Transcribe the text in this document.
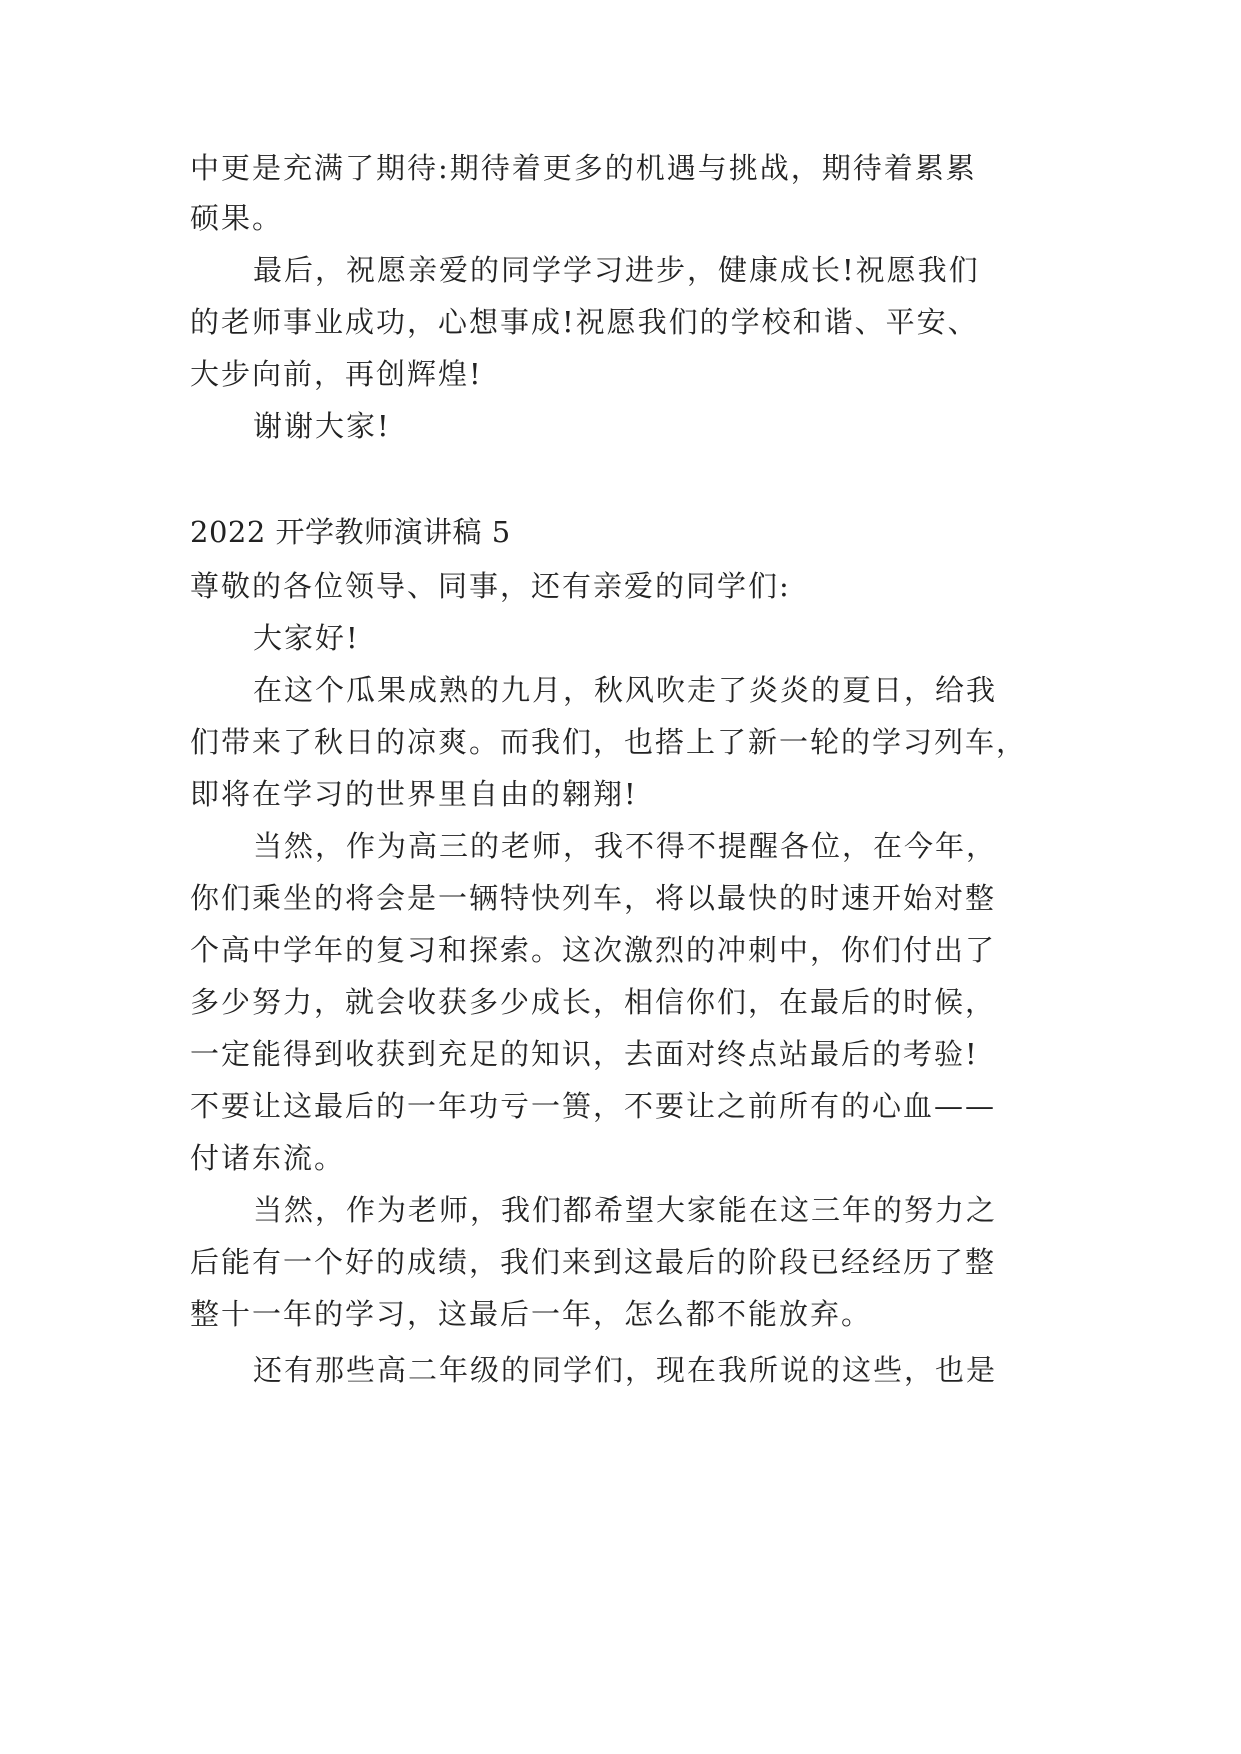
中更是充满了期待:期待着更多的机遇与挑战，期待着累累
硕果。
最后，祝愿亲爱的同学学习进步，健康成长!祝愿我们
的老师事业成功，心想事成!祝愿我们的学校和谐、平安、
大步向前，再创辉煌!
谢谢大家!
2022 开学教师演讲稿 5
尊敬的各位领导、同事，还有亲爱的同学们:
大家好!
在这个瓜果成熟的九月，秋风吹走了炎炎的夏日，给我
们带来了秋日的凉爽。而我们，也搭上了新一轮的学习列车，
即将在学习的世界里自由的翱翔!
当然，作为高三的老师，我不得不提醒各位，在今年，
你们乘坐的将会是一辆特快列车，将以最快的时速开始对整
个高中学年的复习和探索。这次激烈的冲刺中，你们付出了
多少努力，就会收获多少成长，相信你们，在最后的时候，
一定能得到收获到充足的知识，去面对终点站最后的考验!
不要让这最后的一年功亏一篑，不要让之前所有的心血——
付诸东流。
当然，作为老师，我们都希望大家能在这三年的努力之
后能有一个好的成绩，我们来到这最后的阶段已经经历了整
整十一年的学习，这最后一年，怎么都不能放弃。
还有那些高二年级的同学们，现在我所说的这些，也是
